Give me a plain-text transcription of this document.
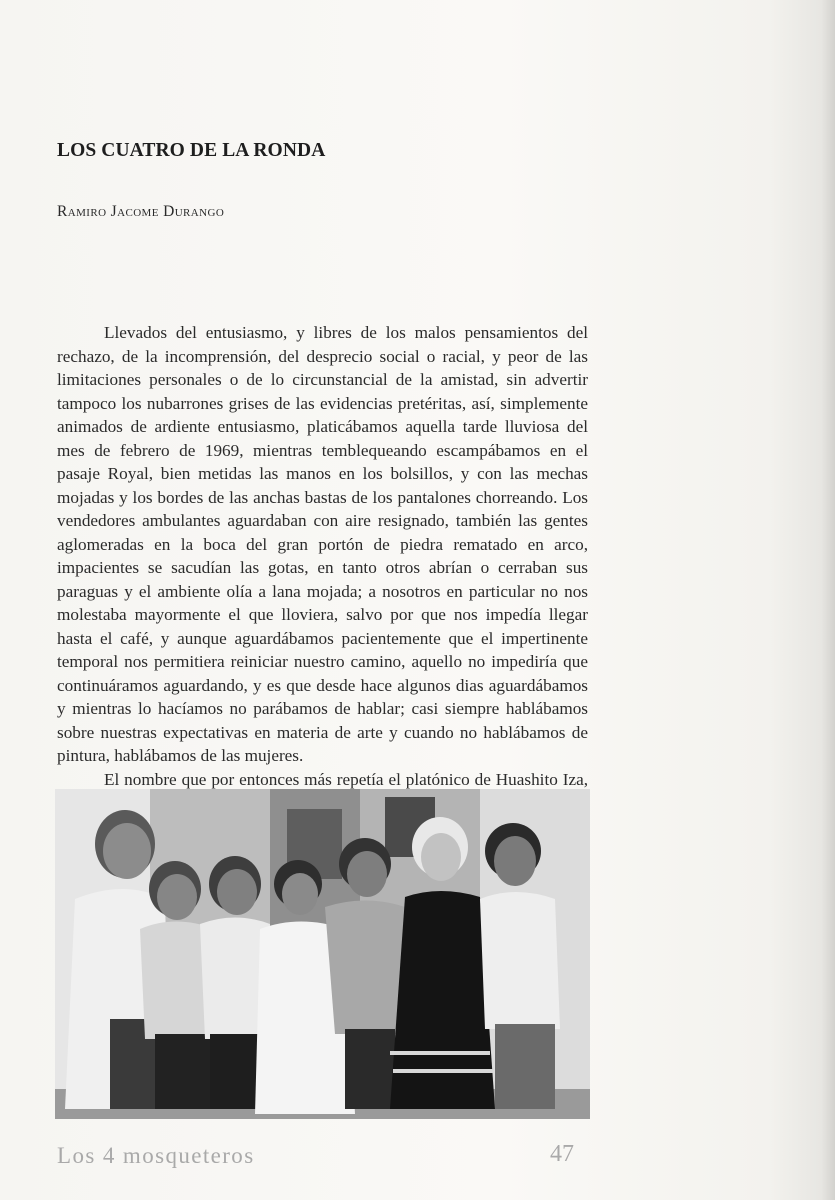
LOS CUATRO DE LA RONDA
Ramiro Jacome Durango

Llevados del entusiasmo, y libres de los malos pensamientos del rechazo, de la incomprensión, del desprecio social o racial, y peor de las limitaciones personales o de lo circunstancial de la amistad, sin advertir tampoco los nubarrones grises de las evidencias pretéritas, así, simplemente animados de ardiente entusiasmo, platicábamos aquella tarde lluviosa del mes de febrero de 1969, mientras temblequeando escampábamos en el pasaje Royal, bien metidas las manos en los bolsillos, y con las mechas mojadas y los bordes de las anchas bastas de los pantalones chorreando. Los vendedores ambulantes aguardaban con aire resignado, también las gentes aglomeradas en la boca del gran portón de piedra rematado en arco, impacientes se sacudían las gotas, en tanto otros abrían o cerraban sus paraguas y el ambiente olía a lana mojada; a nosotros en particular no nos molestaba mayormente el que lloviera, salvo por que nos impedía llegar hasta el café, y aunque aguardábamos pacientemente que el impertinente temporal nos permitiera reiniciar nuestro camino, aquello no impediría que continuáramos aguardando, y es que desde hace algunos dias aguardábamos y mientras lo hacíamos no parábamos de hablar; casi siempre hablábamos sobre nuestras expectativas en materia de arte y cuando no hablábamos de pintura, hablábamos de las mujeres.

El nombre que por entonces más repetía el platónico de Huashito Iza,

Los 4 mosqueteros	47
